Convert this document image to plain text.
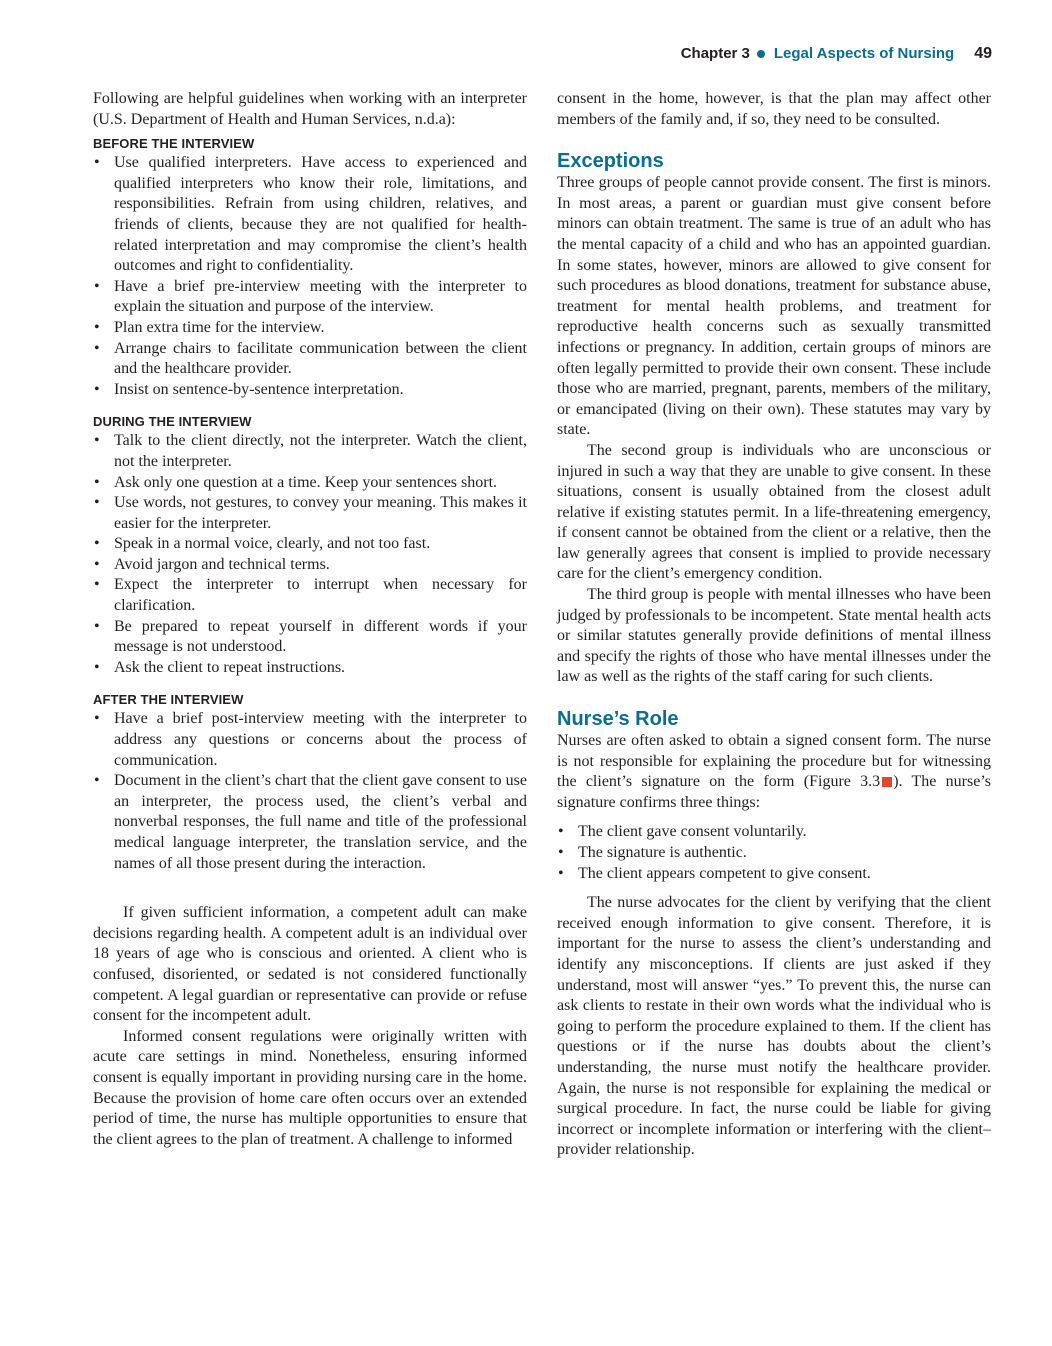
Chapter 3 Legal Aspects of Nursing 49

Following are helpful guidelines when working with an interpreter (U.S. Department of Health and Human Services, n.d.a):

BEFORE THE INTERVIEW
• Use qualified interpreters. Have access to experienced and qualified interpreters who know their role, limitations, and responsibilities. Refrain from using children, relatives, and friends of clients, because they are not qualified for health-related interpretation and may compromise the client’s health outcomes and right to confidentiality.
• Have a brief pre-interview meeting with the interpreter to explain the situation and purpose of the interview.
• Plan extra time for the interview.
• Arrange chairs to facilitate communication between the client and the healthcare provider.
• Insist on sentence-by-sentence interpretation.
DURING THE INTERVIEW
• Talk to the client directly, not the interpreter. Watch the client, not the interpreter.
• Ask only one question at a time. Keep your sentences short.
• Use words, not gestures, to convey your meaning. This makes it easier for the interpreter.
• Speak in a normal voice, clearly, and not too fast.
• Avoid jargon and technical terms.
• Expect the interpreter to interrupt when necessary for clarification.
• Be prepared to repeat yourself in different words if your message is not understood.
• Ask the client to repeat instructions.
AFTER THE INTERVIEW
• Have a brief post-interview meeting with the interpreter to address any questions or concerns about the process of communication.
• Document in the client’s chart that the client gave consent to use an interpreter, the process used, the client’s verbal and nonverbal responses, the full name and title of the professional medical language interpreter, the translation service, and the names of all those present during the interaction.

If given sufficient information, a competent adult can make decisions regarding health. A competent adult is an individual over 18 years of age who is conscious and oriented. A client who is confused, disoriented, or sedated is not considered functionally competent. A legal guardian or representative can provide or refuse consent for the incompetent adult.

Informed consent regulations were originally written with acute care settings in mind. Nonetheless, ensuring informed consent is equally important in providing nursing care in the home. Because the provision of home care often occurs over an extended period of time, the nurse has multiple opportunities to ensure that the client agrees to the plan of treatment. A challenge to informed

consent in the home, however, is that the plan may affect other members of the family and, if so, they need to be consulted.

Exceptions

Three groups of people cannot provide consent. The first is minors. In most areas, a parent or guardian must give consent before minors can obtain treatment. The same is true of an adult who has the mental capacity of a child and who has an appointed guardian. In some states, however, minors are allowed to give consent for such procedures as blood donations, treatment for substance abuse, treatment for mental health problems, and treatment for reproductive health concerns such as sexually transmitted infections or pregnancy. In addition, certain groups of minors are often legally permitted to provide their own consent. These include those who are married, pregnant, parents, members of the military, or emancipated (living on their own). These statutes may vary by state.

The second group is individuals who are unconscious or injured in such a way that they are unable to give consent. In these situations, consent is usually obtained from the closest adult relative if existing statutes permit. In a life-threatening emergency, if consent cannot be obtained from the client or a relative, then the law generally agrees that consent is implied to provide necessary care for the client’s emergency condition.

The third group is people with mental illnesses who have been judged by professionals to be incompetent. State mental health acts or similar statutes generally provide definitions of mental illness and specify the rights of those who have mental illnesses under the law as well as the rights of the staff caring for such clients.

Nurse’s Role

Nurses are often asked to obtain a signed consent form. The nurse is not responsible for explaining the procedure but for witnessing the client’s signature on the form (Figure 3.3 ). The nurse’s signature confirms three things:

• The client gave consent voluntarily.
• The signature is authentic.
• The client appears competent to give consent.

The nurse advocates for the client by verifying that the client received enough information to give consent. Therefore, it is important for the nurse to assess the client’s understanding and identify any misconceptions. If clients are just asked if they understand, most will answer “yes.” To prevent this, the nurse can ask clients to restate in their own words what the individual who is going to perform the procedure explained to them. If the client has questions or if the nurse has doubts about the client’s understanding, the nurse must notify the healthcare provider. Again, the nurse is not responsible for explaining the medical or surgical procedure. In fact, the nurse could be liable for giving incorrect or incomplete information or interfering with the client–provider relationship.
